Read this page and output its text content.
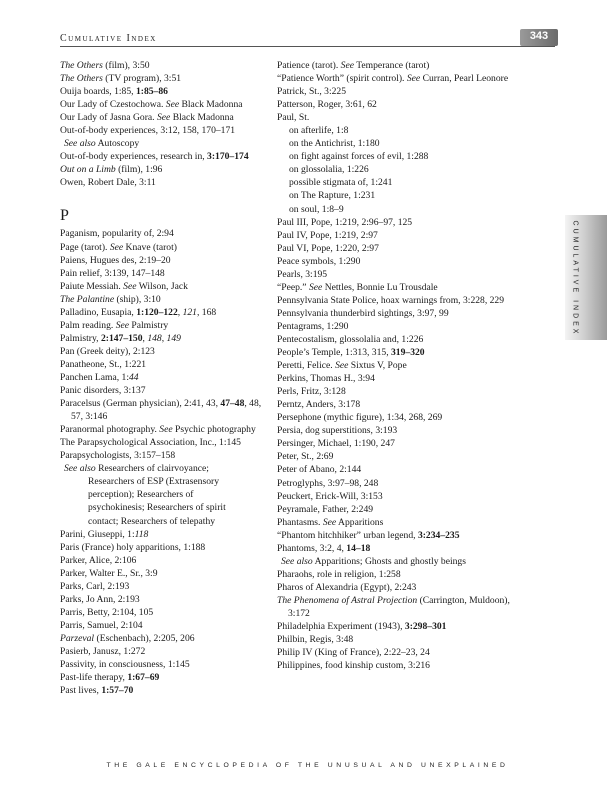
Cumulative Index	343
CUMULATIVE INDEX
The Others (film), 3:50
The Others (TV program), 3:51
Ouija boards, 1:85, 1:85–86
Our Lady of Czestochowa. See Black Madonna
Our Lady of Jasna Gora. See Black Madonna
Out-of-body experiences, 3:12, 158, 170–171
See also Autoscopy
Out-of-body experiences, research in, 3:170–174
Out on a Limb (film), 1:96
Owen, Robert Dale, 3:11
P
Paganism, popularity of, 2:94
Page (tarot). See Knave (tarot)
Paiens, Hugues des, 2:19–20
Pain relief, 3:139, 147–148
Paiute Messiah. See Wilson, Jack
The Palantine (ship), 3:10
Palladino, Eusapia, 1:120–122, 121, 168
Palm reading. See Palmistry
Palmistry, 2:147–150, 148, 149
Pan (Greek deity), 2:123
Panatheone, St., 1:221
Panchen Lama, 1:44
Panic disorders, 3:137
Paracelsus (German physician), 2:41, 43, 47–48, 48, 57, 3:146
Paranormal photography. See Psychic photography
The Parapsychological Association, Inc., 1:145
Parapsychologists, 3:157–158
See also Researchers of clairvoyance;
Researchers of ESP (Extrasensory
perception); Researchers of
psychokinesis; Researchers of spirit
contact; Researchers of telepathy
Parini, Giuseppi, 1:118
Paris (France) holy apparitions, 1:188
Parker, Alice, 2:106
Parker, Walter E., Sr., 3:9
Parks, Carl, 2:193
Parks, Jo Ann, 2:193
Parris, Betty, 2:104, 105
Parris, Samuel, 2:104
Parzeval (Eschenbach), 2:205, 206
Pasierb, Janusz, 1:272
Passivity, in consciousness, 1:145
Past-life therapy, 1:67–69
Past lives, 1:57–70
Patience (tarot). See Temperance (tarot)
“Patience Worth” (spirit control). See Curran, Pearl Leonore
Patrick, St., 3:225
Patterson, Roger, 3:61, 62
Paul, St.
on afterlife, 1:8
on the Antichrist, 1:180
on fight against forces of evil, 1:288
on glossolalia, 1:226
possible stigmata of, 1:241
on The Rapture, 1:231
on soul, 1:8–9
Paul III, Pope, 1:219, 2:96–97, 125
Paul IV, Pope, 1:219, 2:97
Paul VI, Pope, 1:220, 2:97
Peace symbols, 1:290
Pearls, 3:195
“Peep.” See Nettles, Bonnie Lu Trousdale
Pennsylvania State Police, hoax warnings from, 3:228, 229
Pennsylvania thunderbird sightings, 3:97, 99
Pentagrams, 1:290
Pentecostalism, glossolalia and, 1:226
People’s Temple, 1:313, 315, 319–320
Peretti, Felice. See Sixtus V, Pope
Perkins, Thomas H., 3:94
Perls, Fritz, 3:128
Perntz, Anders, 3:178
Persephone (mythic figure), 1:34, 268, 269
Persia, dog superstitions, 3:193
Persinger, Michael, 1:190, 247
Peter, St., 2:69
Peter of Abano, 2:144
Petroglyphs, 3:97–98, 248
Peuckert, Erick-Will, 3:153
Peyramale, Father, 2:249
Phantasms. See Apparitions
“Phantom hitchhiker” urban legend, 3:234–235
Phantoms, 3:2, 4, 14–18
See also Apparitions; Ghosts and ghostly beings
Pharaohs, role in religion, 1:258
Pharos of Alexandria (Egypt), 2:243
The Phenomena of Astral Projection (Carrington, Muldoon), 3:172
Philadelphia Experiment (1943), 3:298–301
Philbin, Regis, 3:48
Philip IV (King of France), 2:22–23, 24
Philippines, food kinship custom, 3:216
THE GALE ENCYCLOPEDIA OF THE UNUSUAL AND UNEXPLAINED
